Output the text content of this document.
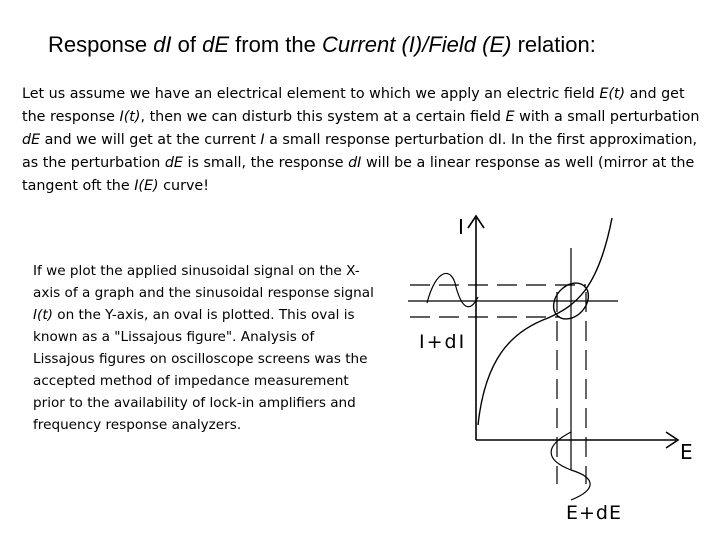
Response dI of dE from the Current (I)/Field (E) relation:
Let us assume we have an electrical element to which we apply an electric field E(t) and get the response I(t), then we can disturb this system at a certain field E with a small perturbation dE and we will get at the current I a small response perturbation dI. In the first approximation, as the perturbation dE is small, the response dI will be a linear response as well (mirror at the tangent oft the I(E) curve!
If we plot the applied sinusoidal signal on the X-axis of a graph and the sinusoidal response signal I(t) on the Y-axis, an oval is plotted. This oval is known as a "Lissajous figure". Analysis of Lissajous figures on oscilloscope screens was the accepted method of impedance measurement prior to the availability of lock-in amplifiers and frequency response analyzers.
I
E
I+dI
E+dE
